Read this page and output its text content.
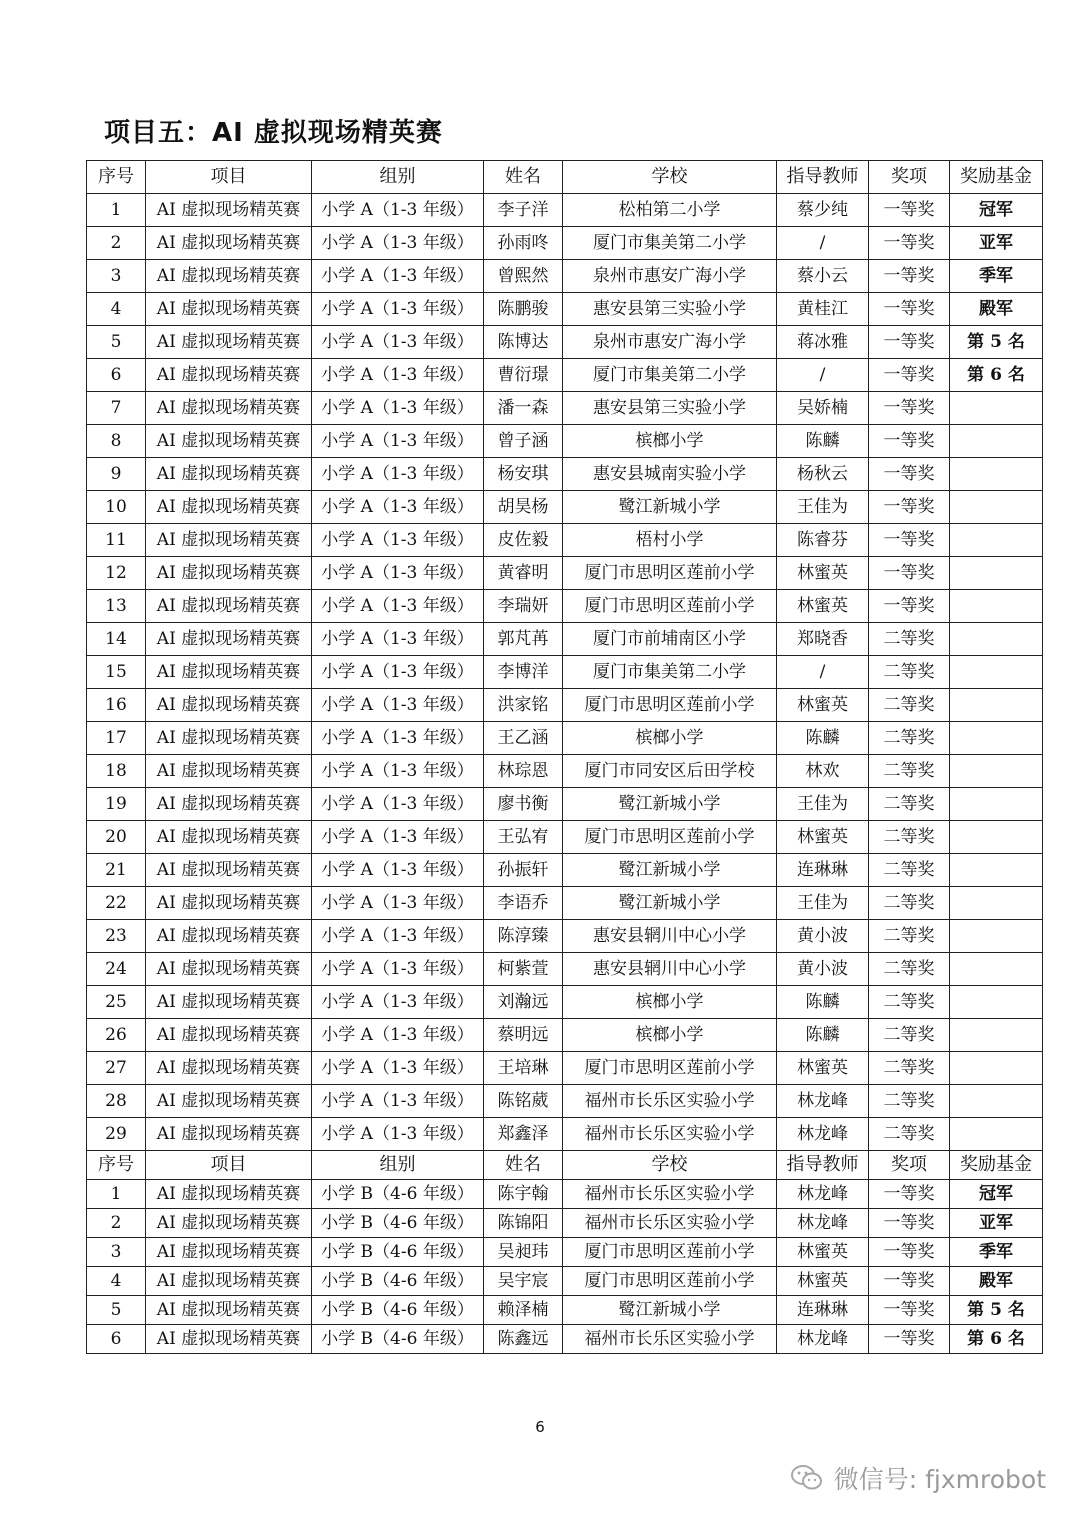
项目五：AI 虚拟现场精英赛
序号	项目	组别	姓名	学校	指导教师	奖项	奖励基金
1	AI 虚拟现场精英赛	小学 A（1-3 年级）	李子洋	松柏第二小学	蔡少纯	一等奖	冠军
2	AI 虚拟现场精英赛	小学 A（1-3 年级）	孙雨咚	厦门市集美第二小学	/	一等奖	亚军
3	AI 虚拟现场精英赛	小学 A（1-3 年级）	曾熙然	泉州市惠安广海小学	蔡小云	一等奖	季军
4	AI 虚拟现场精英赛	小学 A（1-3 年级）	陈鹏骏	惠安县第三实验小学	黄桂江	一等奖	殿军
5	AI 虚拟现场精英赛	小学 A（1-3 年级）	陈博达	泉州市惠安广海小学	蒋冰雅	一等奖	第 5 名
6	AI 虚拟现场精英赛	小学 A（1-3 年级）	曹衍璟	厦门市集美第二小学	/	一等奖	第 6 名
7	AI 虚拟现场精英赛	小学 A（1-3 年级）	潘一森	惠安县第三实验小学	吴娇楠	一等奖	
8	AI 虚拟现场精英赛	小学 A（1-3 年级）	曾子涵	槟榔小学	陈麟	一等奖	
9	AI 虚拟现场精英赛	小学 A（1-3 年级）	杨安琪	惠安县城南实验小学	杨秋云	一等奖	
10	AI 虚拟现场精英赛	小学 A（1-3 年级）	胡昊杨	鹭江新城小学	王佳为	一等奖	
11	AI 虚拟现场精英赛	小学 A（1-3 年级）	皮佐毅	梧村小学	陈睿芬	一等奖	
12	AI 虚拟现场精英赛	小学 A（1-3 年级）	黄睿明	厦门市思明区莲前小学	林蜜英	一等奖	
13	AI 虚拟现场精英赛	小学 A（1-3 年级）	李瑞妍	厦门市思明区莲前小学	林蜜英	一等奖	
14	AI 虚拟现场精英赛	小学 A（1-3 年级）	郭芃苒	厦门市前埔南区小学	郑晓香	二等奖	
15	AI 虚拟现场精英赛	小学 A（1-3 年级）	李博洋	厦门市集美第二小学	/	二等奖	
16	AI 虚拟现场精英赛	小学 A（1-3 年级）	洪家铭	厦门市思明区莲前小学	林蜜英	二等奖	
17	AI 虚拟现场精英赛	小学 A（1-3 年级）	王乙涵	槟榔小学	陈麟	二等奖	
18	AI 虚拟现场精英赛	小学 A（1-3 年级）	林琮恩	厦门市同安区后田学校	林欢	二等奖	
19	AI 虚拟现场精英赛	小学 A（1-3 年级）	廖书衡	鹭江新城小学	王佳为	二等奖	
20	AI 虚拟现场精英赛	小学 A（1-3 年级）	王弘宥	厦门市思明区莲前小学	林蜜英	二等奖	
21	AI 虚拟现场精英赛	小学 A（1-3 年级）	孙振轩	鹭江新城小学	连琳琳	二等奖	
22	AI 虚拟现场精英赛	小学 A（1-3 年级）	李语乔	鹭江新城小学	王佳为	二等奖	
23	AI 虚拟现场精英赛	小学 A（1-3 年级）	陈淳臻	惠安县辋川中心小学	黄小波	二等奖	
24	AI 虚拟现场精英赛	小学 A（1-3 年级）	柯紫萱	惠安县辋川中心小学	黄小波	二等奖	
25	AI 虚拟现场精英赛	小学 A（1-3 年级）	刘瀚远	槟榔小学	陈麟	二等奖	
26	AI 虚拟现场精英赛	小学 A（1-3 年级）	蔡明远	槟榔小学	陈麟	二等奖	
27	AI 虚拟现场精英赛	小学 A（1-3 年级）	王培琳	厦门市思明区莲前小学	林蜜英	二等奖	
28	AI 虚拟现场精英赛	小学 A（1-3 年级）	陈铭葳	福州市长乐区实验小学	林龙峰	二等奖	
29	AI 虚拟现场精英赛	小学 A（1-3 年级）	郑鑫泽	福州市长乐区实验小学	林龙峰	二等奖	
序号	项目	组别	姓名	学校	指导教师	奖项	奖励基金
1	AI 虚拟现场精英赛	小学 B（4-6 年级）	陈宇翰	福州市长乐区实验小学	林龙峰	一等奖	冠军
2	AI 虚拟现场精英赛	小学 B（4-6 年级）	陈锦阳	福州市长乐区实验小学	林龙峰	一等奖	亚军
3	AI 虚拟现场精英赛	小学 B（4-6 年级）	吴昶玮	厦门市思明区莲前小学	林蜜英	一等奖	季军
4	AI 虚拟现场精英赛	小学 B（4-6 年级）	吴宇宸	厦门市思明区莲前小学	林蜜英	一等奖	殿军
5	AI 虚拟现场精英赛	小学 B（4-6 年级）	赖泽楠	鹭江新城小学	连琳琳	一等奖	第 5 名
6	AI 虚拟现场精英赛	小学 B（4-6 年级）	陈鑫远	福州市长乐区实验小学	林龙峰	一等奖	第 6 名
6
微信号: fjxmrobot
